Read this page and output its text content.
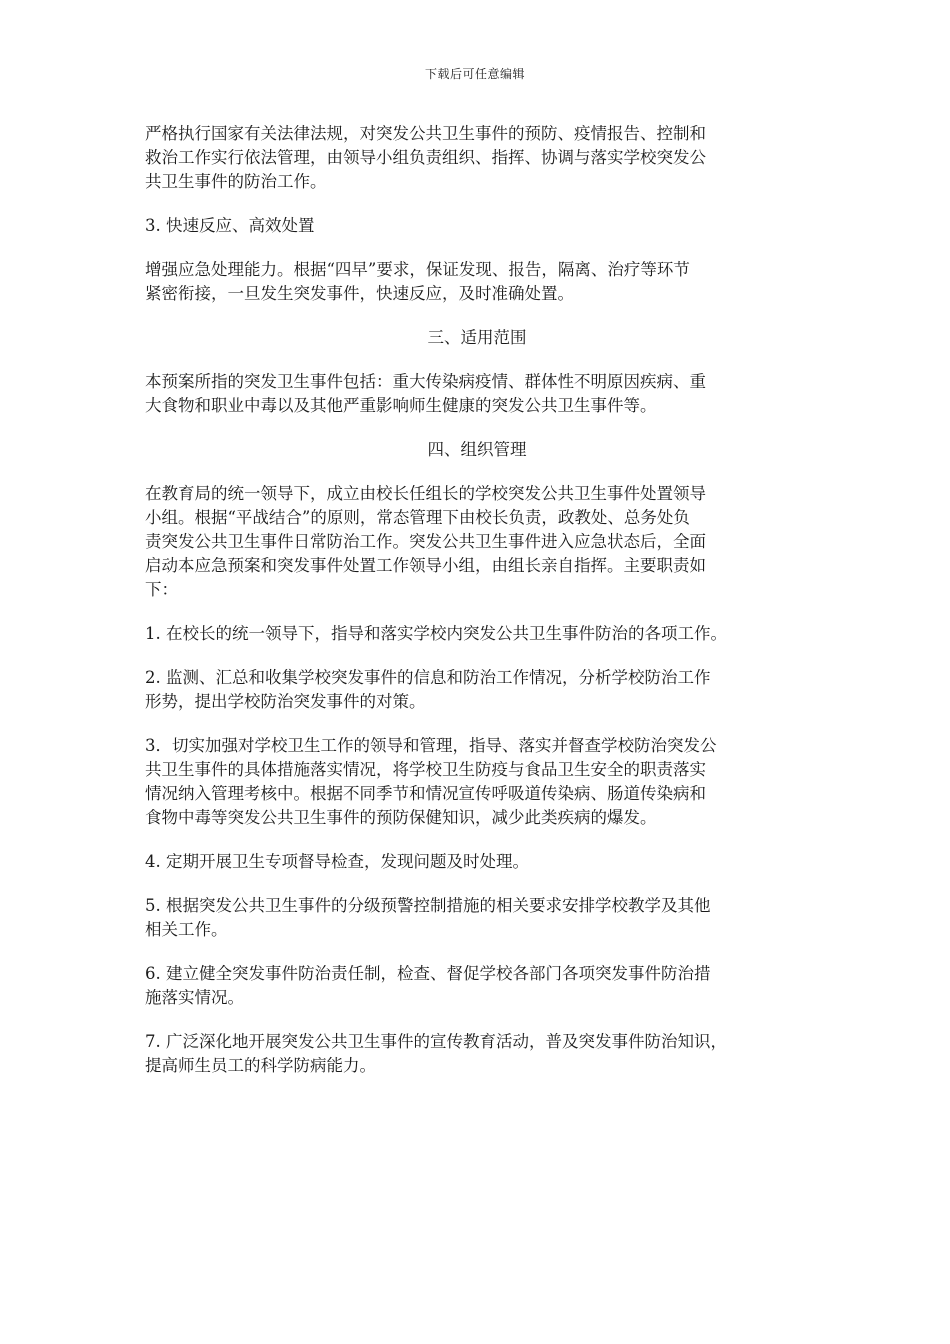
下载后可任意编辑
严格执行国家有关法律法规，对突发公共卫生事件的预防、疫情报告、控制和
救治工作实行依法管理，由领导小组负责组织、指挥、协调与落实学校突发公
共卫生事件的防治工作。
3. 快速反应、高效处置
增强应急处理能力。根据“四早”要求，保证发现、报告，隔离、治疗等环节
紧密衔接，一旦发生突发事件，快速反应，及时准确处置。
三、适用范围
本预案所指的突发卫生事件包括：重大传染病疫情、群体性不明原因疾病、重
大食物和职业中毒以及其他严重影响师生健康的突发公共卫生事件等。
四、组织管理
在教育局的统一领导下，成立由校长任组长的学校突发公共卫生事件处置领导
小组。根据“平战结合”的原则，常态管理下由校长负责，政教处、总务处负
责突发公共卫生事件日常防治工作。突发公共卫生事件进入应急状态后，全面
启动本应急预案和突发事件处置工作领导小组，由组长亲自指挥。主要职责如
下：
1. 在校长的统一领导下，指导和落实学校内突发公共卫生事件防治的各项工作。
2. 监测、汇总和收集学校突发事件的信息和防治工作情况，分析学校防治工作
形势，提出学校防治突发事件的对策。
3．切实加强对学校卫生工作的领导和管理，指导、落实并督查学校防治突发公
共卫生事件的具体措施落实情况，将学校卫生防疫与食品卫生安全的职责落实
情况纳入管理考核中。根据不同季节和情况宣传呼吸道传染病、肠道传染病和
食物中毒等突发公共卫生事件的预防保健知识，减少此类疾病的爆发。
4. 定期开展卫生专项督导检查，发现问题及时处理。
5. 根据突发公共卫生事件的分级预警控制措施的相关要求安排学校教学及其他
相关工作。
6. 建立健全突发事件防治责任制，检查、督促学校各部门各项突发事件防治措
施落实情况。
7. 广泛深化地开展突发公共卫生事件的宣传教育活动，普及突发事件防治知识，
提高师生员工的科学防病能力。
